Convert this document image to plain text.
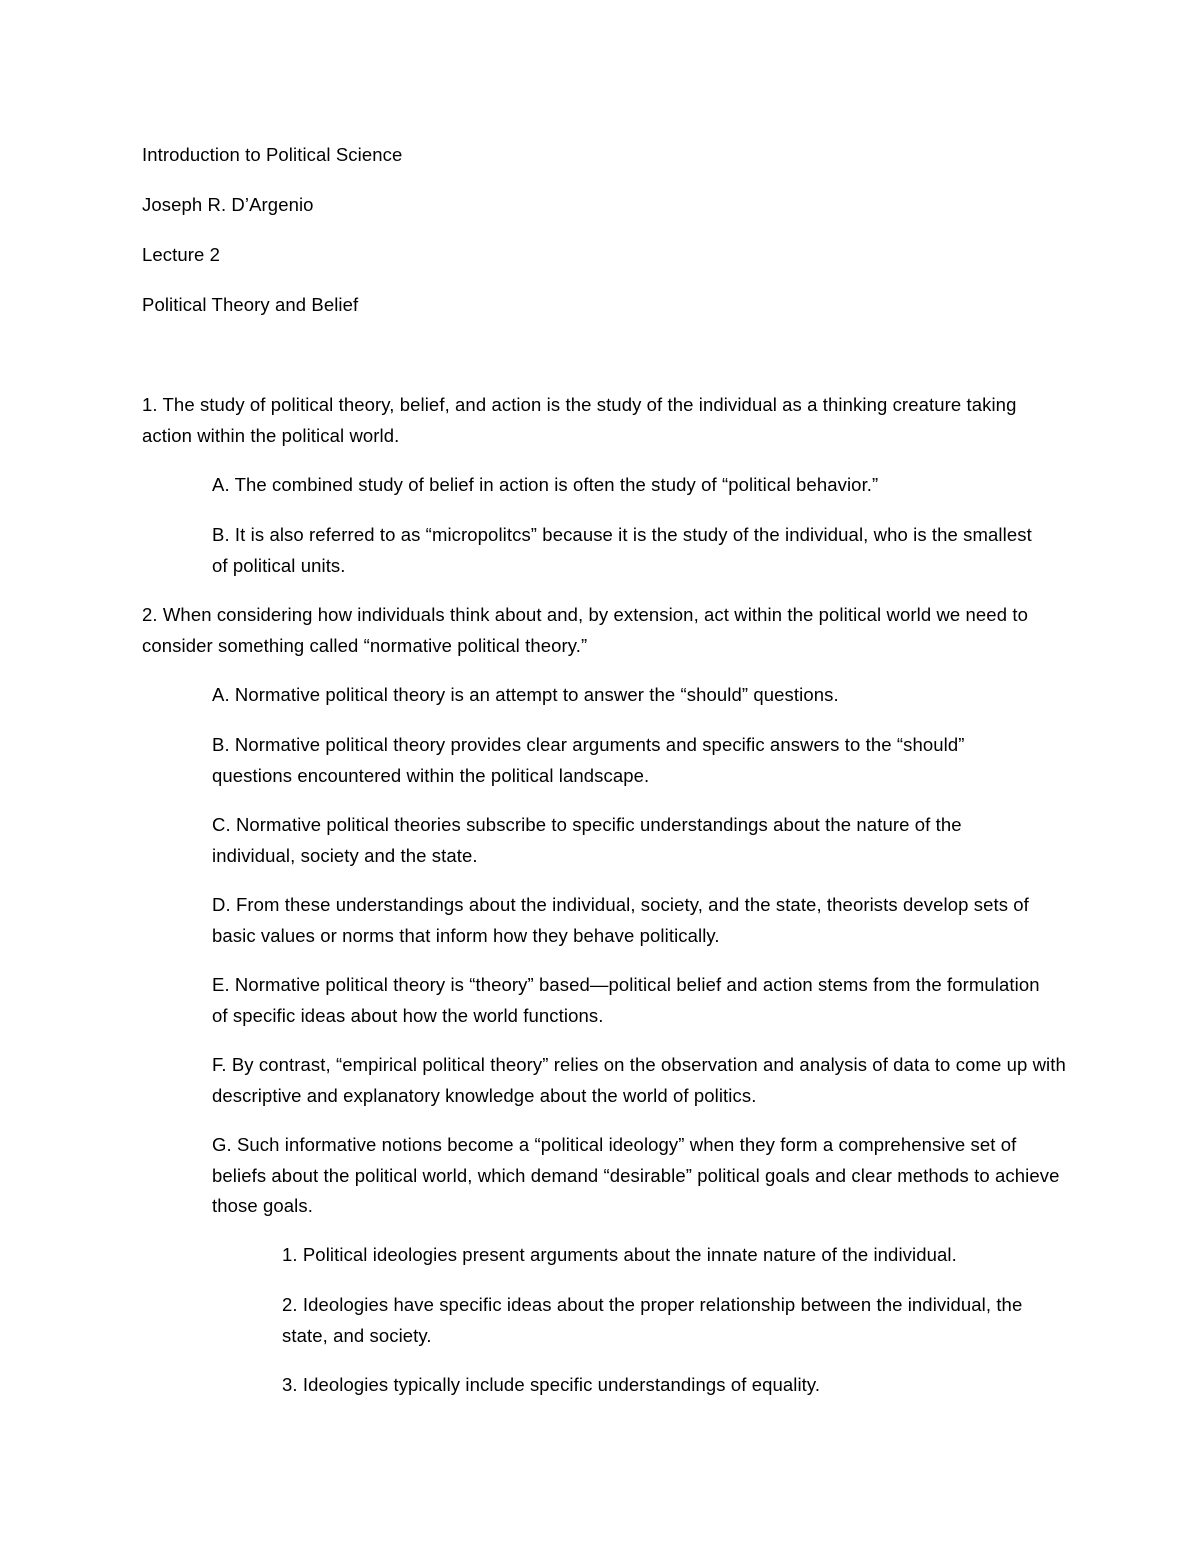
Introduction to Political Science
Joseph R. D’Argenio
Lecture 2
Political Theory and Belief
1. The study of political theory, belief, and action is the study of the individual as a thinking creature taking action within the political world.
A. The combined study of belief in action is often the study of “political behavior.”
B. It is also referred to as “micropolitcs” because it is the study of the individual, who is the smallest of political units.
2. When considering how individuals think about and, by extension, act within the political world we need to consider something called “normative political theory.”
A. Normative political theory is an attempt to answer the “should” questions.
B. Normative political theory provides clear arguments and specific answers to the “should” questions encountered within the political landscape.
C. Normative political theories subscribe to specific understandings about the nature of the individual, society and the state.
D. From these understandings about the individual, society, and the state, theorists develop sets of basic values or norms that inform how they behave politically.
E. Normative political theory is “theory” based—political belief and action stems from the formulation of specific ideas about how the world functions.
F. By contrast, “empirical political theory” relies on the observation and analysis of data to come up with descriptive and explanatory knowledge about the world of politics.
G. Such informative notions become a “political ideology” when they form a comprehensive set of beliefs about the political world, which demand “desirable” political goals and clear methods to achieve those goals.
1. Political ideologies present arguments about the innate nature of the individual.
2. Ideologies have specific ideas about the proper relationship between the individual, the state, and society.
3. Ideologies typically include specific understandings of equality.
